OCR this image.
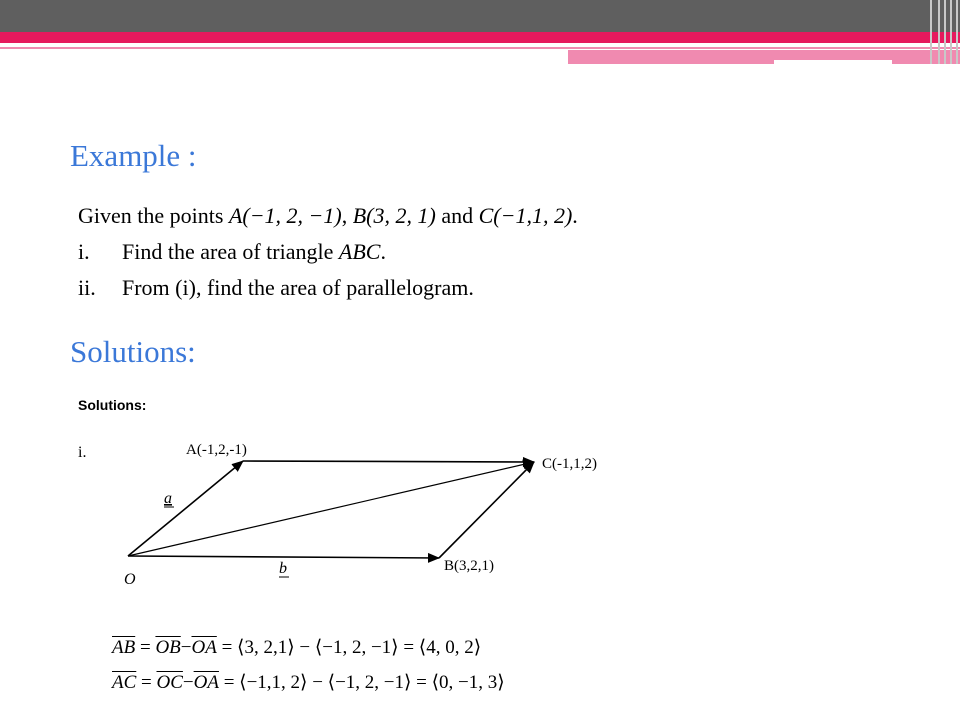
Example :
Given the points A(−1, 2, −1), B(3, 2, 1) and C(−1,1, 2).
i. Find the area of triangle ABC.
ii. From (i), find the area of parallelogram.
Solutions:
Solutions:
i.	A(-1,2,-1)
C(-1,1,2)
B(3,2,1)
O
a
b
$\overline{AB} = \overline{OB}-\overline{OA}$ = ⟨3, 2,1⟩ − ⟨−1, 2, −1⟩ = ⟨4, 0, 2⟩
$\overline{AC} = \overline{OC}-\overline{OA}$ = ⟨−1,1, 2⟩ − ⟨−1, 2, −1⟩ = ⟨0, −1, 3⟩
